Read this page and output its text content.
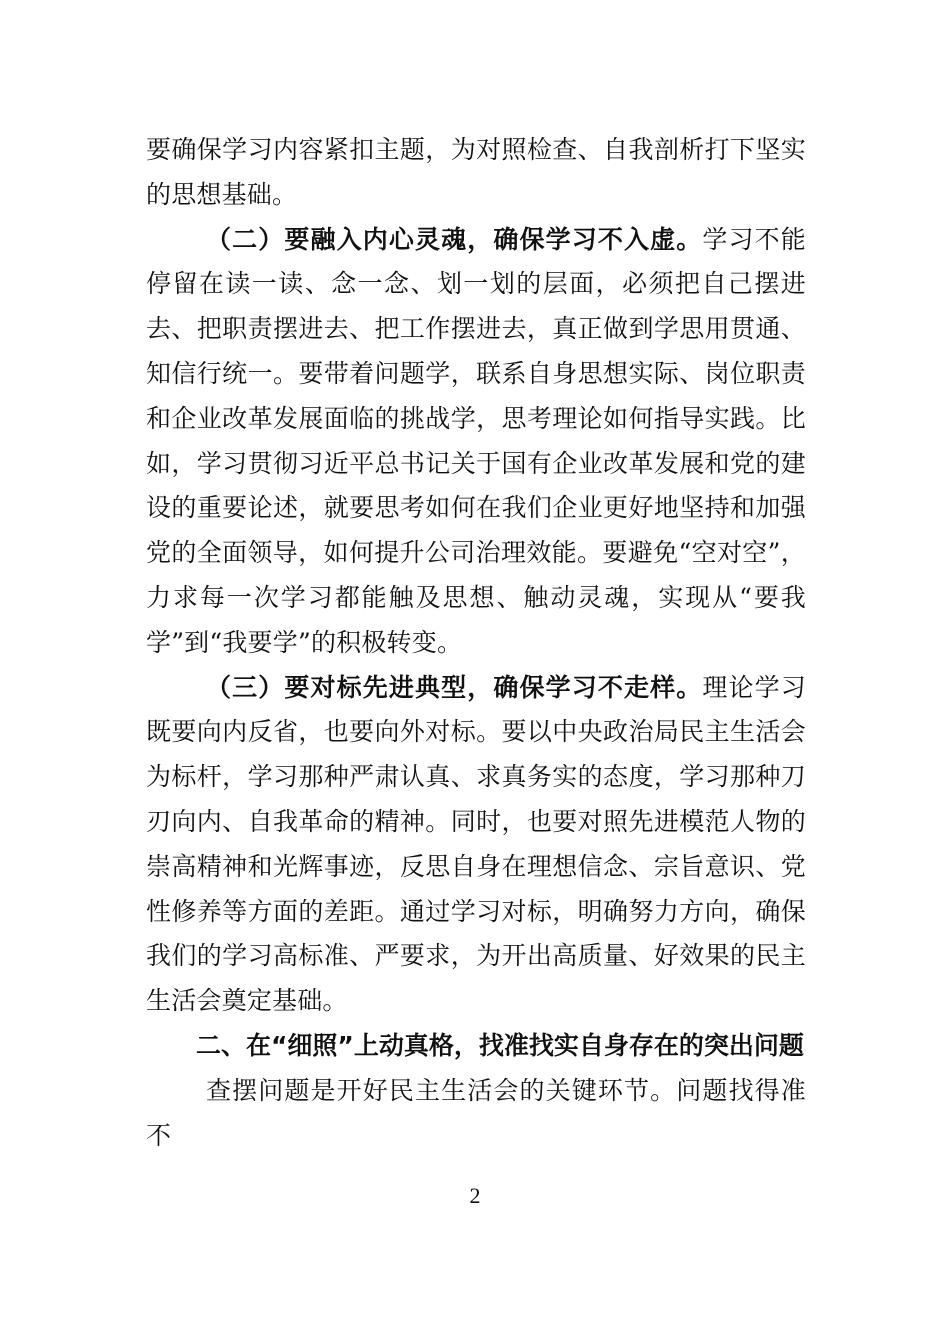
要确保学习内容紧扣主题，为对照检查、自我剖析打下坚实的思想基础。

（二）要融入内心灵魂，确保学习不入虚。学习不能停留在读一读、念一念、划一划的层面，必须把自己摆进去、把职责摆进去、把工作摆进去，真正做到学思用贯通、知信行统一。要带着问题学，联系自身思想实际、岗位职责和企业改革发展面临的挑战学，思考理论如何指导实践。比如，学习贯彻习近平总书记关于国有企业改革发展和党的建设的重要论述，就要思考如何在我们企业更好地坚持和加强党的全面领导，如何提升公司治理效能。要避免“空对空”，力求每一次学习都能触及思想、触动灵魂，实现从“要我学”到“我要学”的积极转变。

（三）要对标先进典型，确保学习不走样。理论学习既要向内反省，也要向外对标。要以中央政治局民主生活会为标杆，学习那种严肃认真、求真务实的态度，学习那种刀刃向内、自我革命的精神。同时，也要对照先进模范人物的崇高精神和光辉事迹，反思自身在理想信念、宗旨意识、党性修养等方面的差距。通过学习对标，明确努力方向，确保我们的学习高标准、严要求，为开出高质量、好效果的民主生活会奠定基础。

二、在“细照”上动真格，找准找实自身存在的突出问题

查摆问题是开好民主生活会的关键环节。问题找得准不

2
